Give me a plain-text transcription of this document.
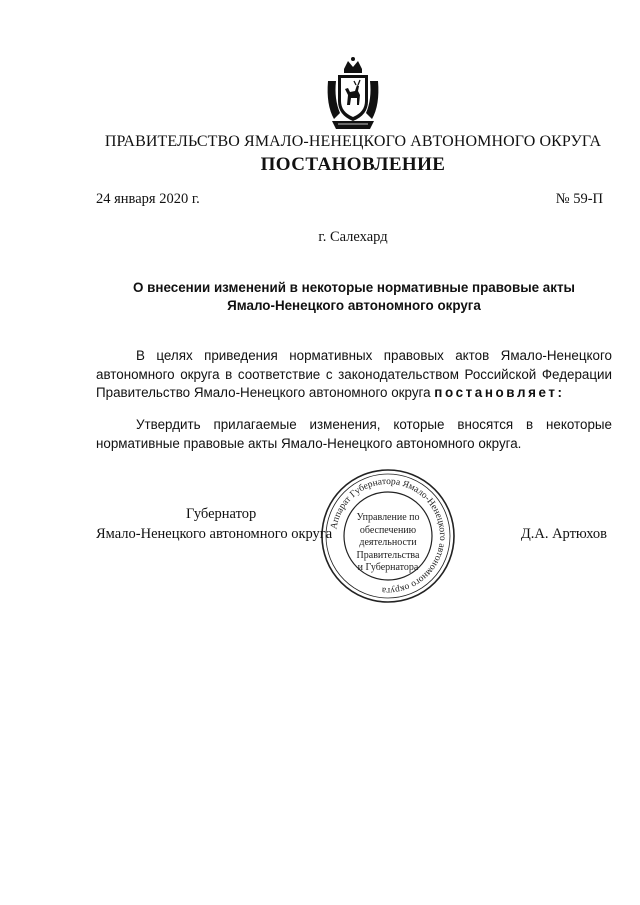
ПРАВИТЕЛЬСТВО ЯМАЛО-НЕНЕЦКОГО АВТОНОМНОГО ОКРУГА
ПОСТАНОВЛЕНИЕ
24 января 2020 г.	№ 59-П
г. Салехард
О внесении изменений в некоторые нормативные правовые акты
Ямало-Ненецкого автономного округа
В целях приведения нормативных правовых актов Ямало-Ненецкого автономного округа в соответствие с законодательством Российской Федерации Правительство Ямало-Ненецкого автономного округа постановляет:
Утвердить прилагаемые изменения, которые вносятся в некоторые нормативные правовые акты Ямало-Ненецкого автономного округа.
Губернатор
Ямало-Ненецкого автономного округа	Д.А. Артюхов
Аппарат Губернатора Ямало-Ненецкого автономного округа
Управление по
обеспечению
деятельности
Правительства
и Губернатора
